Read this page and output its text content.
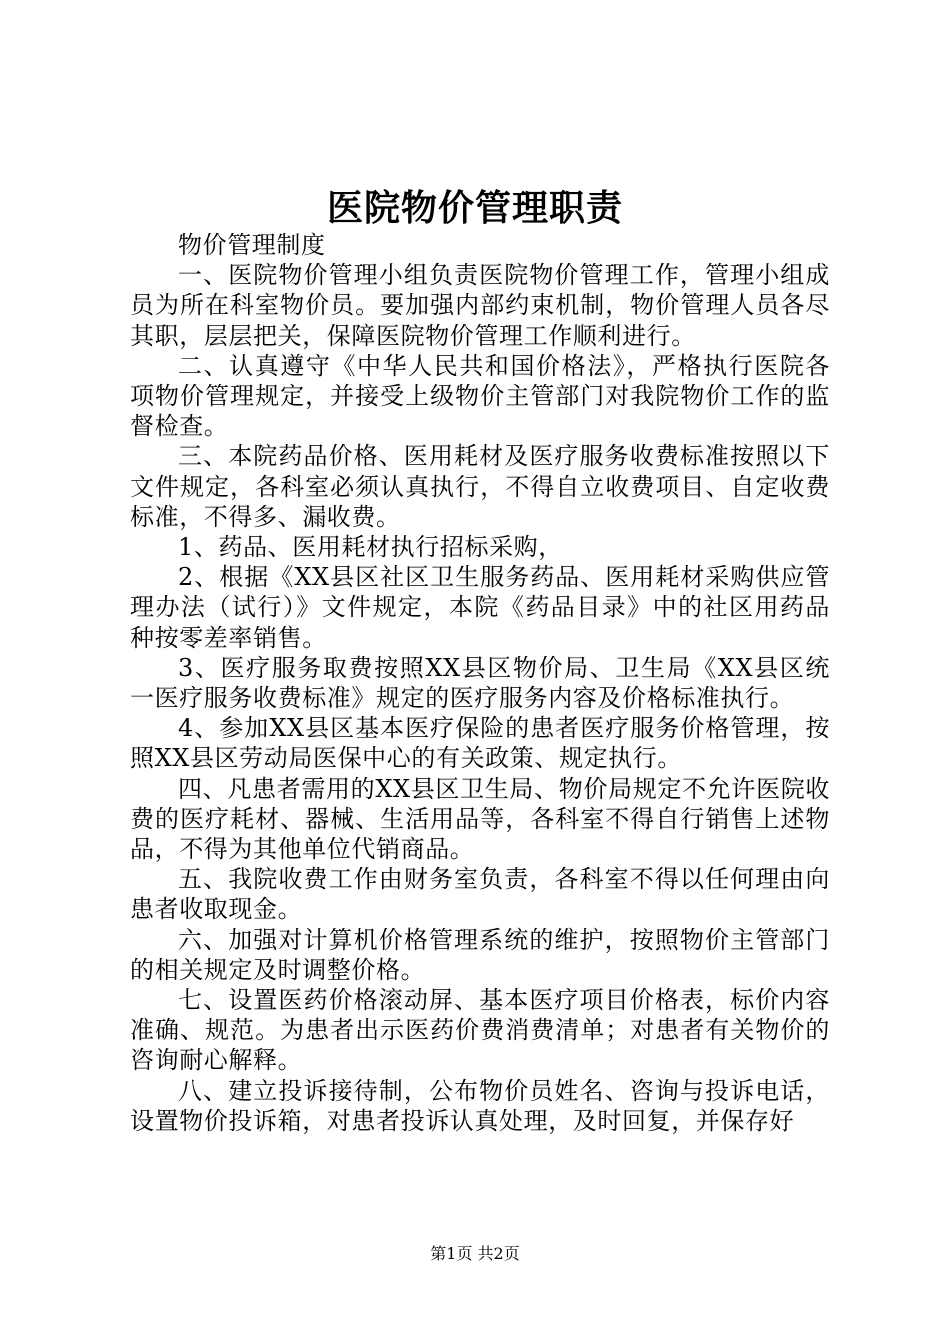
医院物价管理职责

物价管理制度

一、医院物价管理小组负责医院物价管理工作，管理小组成员为所在科室物价员。要加强内部约束机制，物价管理人员各尽其职，层层把关，保障医院物价管理工作顺利进行。

二、认真遵守《中华人民共和国价格法》，严格执行医院各项物价管理规定，并接受上级物价主管部门对我院物价工作的监督检查。

三、本院药品价格、医用耗材及医疗服务收费标准按照以下文件规定，各科室必须认真执行，不得自立收费项目、自定收费标准，不得多、漏收费。

1、药品、医用耗材执行招标采购，

2、根据《XX县区社区卫生服务药品、医用耗材采购供应管理办法（试行）》文件规定，本院《药品目录》中的社区用药品种按零差率销售。

3、医疗服务取费按照XX县区物价局、卫生局《XX县区统一医疗服务收费标准》规定的医疗服务内容及价格标准执行。

4、参加XX县区基本医疗保险的患者医疗服务价格管理，按照XX县区劳动局医保中心的有关政策、规定执行。

四、凡患者需用的XX县区卫生局、物价局规定不允许医院收费的医疗耗材、器械、生活用品等，各科室不得自行销售上述物品，不得为其他单位代销商品。

五、我院收费工作由财务室负责，各科室不得以任何理由向患者收取现金。

六、加强对计算机价格管理系统的维护，按照物价主管部门的相关规定及时调整价格。

七、设置医药价格滚动屏、基本医疗项目价格表，标价内容准确、规范。为患者出示医药价费消费清单；对患者有关物价的咨询耐心解释。

八、建立投诉接待制，公布物价员姓名、咨询与投诉电话，设置物价投诉箱，对患者投诉认真处理，及时回复，并保存好

第1页 共2页
